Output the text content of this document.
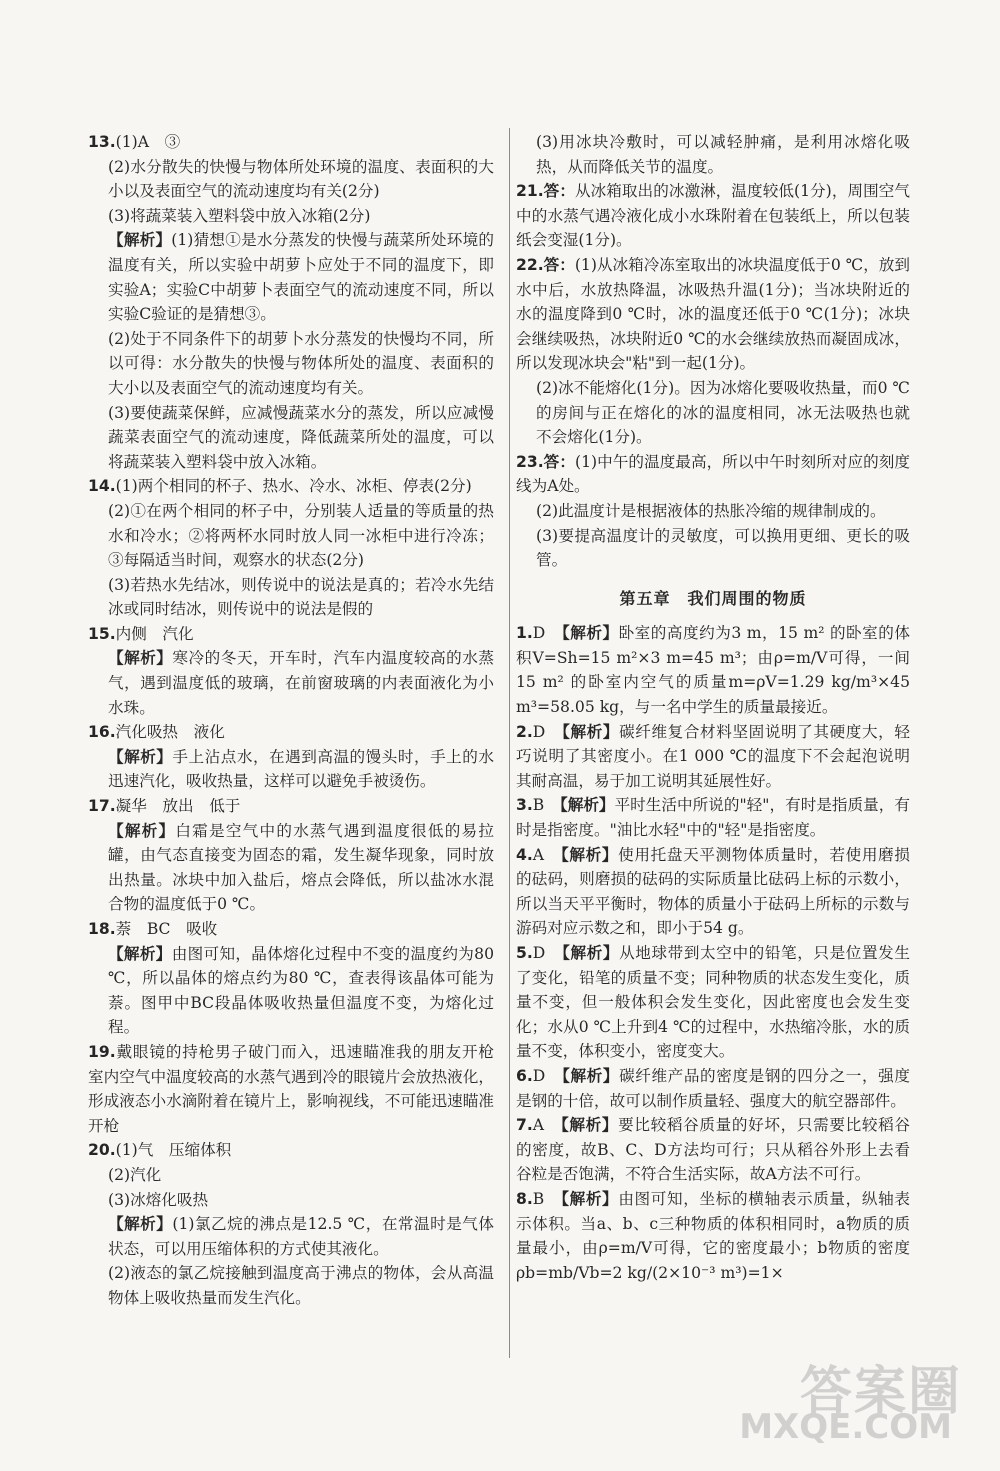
13.(1)A　③

(2)水分散失的快慢与物体所处环境的温度、表面积的大小以及表面空气的流动速度均有关(2分)

(3)将蔬菜装入塑料袋中放入冰箱(2分)

【解析】(1)猜想①是水分蒸发的快慢与蔬菜所处环境的温度有关，所以实验中胡萝卜应处于不同的温度下，即实验A；实验C中胡萝卜表面空气的流动速度不同，所以实验C验证的是猜想③。

(2)处于不同条件下的胡萝卜水分蒸发的快慢均不同，所以可得：水分散失的快慢与物体所处的温度、表面积的大小以及表面空气的流动速度均有关。

(3)要使蔬菜保鲜，应减慢蔬菜水分的蒸发，所以应减慢蔬菜表面空气的流动速度，降低蔬菜所处的温度，可以将蔬菜装入塑料袋中放入冰箱。

14.(1)两个相同的杯子、热水、冷水、冰柜、停表(2分)

(2)①在两个相同的杯子中，分别装人适量的等质量的热水和冷水；②将两杯水同时放人同一冰柜中进行冷冻；③每隔适当时间，观察水的状态(2分)

(3)若热水先结冰，则传说中的说法是真的；若冷水先结冰或同时结冰，则传说中的说法是假的

15.内侧　汽化

【解析】寒冷的冬天，开车时，汽车内温度较高的水蒸气，遇到温度低的玻璃，在前窗玻璃的内表面液化为小水珠。

16.汽化吸热　液化

【解析】手上沾点水，在遇到高温的馒头时，手上的水迅速汽化，吸收热量，这样可以避免手被烫伤。

17.凝华　放出　低于

【解析】白霜是空气中的水蒸气遇到温度很低的易拉罐，由气态直接变为固态的霜，发生凝华现象，同时放出热量。冰块中加入盐后，熔点会降低，所以盐冰水混合物的温度低于0 ℃。

18.萘　BC　吸收

【解析】由图可知，晶体熔化过程中不变的温度约为80 ℃，所以晶体的熔点约为80 ℃，查表得该晶体可能为萘。图甲中BC段晶体吸收热量但温度不变，为熔化过程。

19.戴眼镜的持枪男子破门而入，迅速瞄准我的朋友开枪　室内空气中温度较高的水蒸气遇到冷的眼镜片会放热液化，形成液态小水滴附着在镜片上，影响视线，不可能迅速瞄准开枪

20.(1)气　压缩体积

(2)汽化

(3)冰熔化吸热

【解析】(1)氯乙烷的沸点是12.5 ℃，在常温时是气体状态，可以用压缩体积的方式使其液化。

(2)液态的氯乙烷接触到温度高于沸点的物体，会从高温物体上吸收热量而发生汽化。

(3)用冰块冷敷时，可以减轻肿痛，是利用冰熔化吸热，从而降低关节的温度。

21.答：从冰箱取出的冰激淋，温度较低(1分)，周围空气中的水蒸气遇冷液化成小水珠附着在包装纸上，所以包装纸会变湿(1分)。

22.答：(1)从冰箱冷冻室取出的冰块温度低于0 ℃，放到水中后，水放热降温，冰吸热升温(1分)；当冰块附近的水的温度降到0 ℃时，冰的温度还低于0 ℃(1分)；冰块会继续吸热，冰块附近0 ℃的水会继续放热而凝固成冰，所以发现冰块会"粘"到一起(1分)。

(2)冰不能熔化(1分)。因为冰熔化要吸收热量，而0 ℃的房间与正在熔化的冰的温度相同，冰无法吸热也就不会熔化(1分)。

23.答：(1)中午的温度最高，所以中午时刻所对应的刻度线为A处。

(2)此温度计是根据液体的热胀冷缩的规律制成的。

(3)要提高温度计的灵敏度，可以换用更细、更长的吸管。

第五章　我们周围的物质

1.D　 【解析】卧室的高度约为3 m，15 m² 的卧室的体积V=Sh=15 m²×3 m=45 m³；由ρ=m/V可得，一间15 m² 的卧室内空气的质量m=ρV=1.29 kg/m³×45 m³=58.05 kg，与一名中学生的质量最接近。

2.D　 【解析】碳纤维复合材料坚固说明了其硬度大，轻巧说明了其密度小。在1 000 ℃的温度下不会起泡说明其耐高温，易于加工说明其延展性好。

3.B　 【解析】平时生活中所说的"轻"，有时是指质量，有时是指密度。"油比水轻"中的"轻"是指密度。

4.A　 【解析】使用托盘天平测物体质量时，若使用磨损的砝码，则磨损的砝码的实际质量比砝码上标的示数小，所以当天平平衡时，物体的质量小于砝码上所标的示数与游码对应示数之和，即小于54 g。

5.D　 【解析】从地球带到太空中的铅笔，只是位置发生了变化，铅笔的质量不变；同种物质的状态发生变化，质量不变，但一般体积会发生变化，因此密度也会发生变化；水从0 ℃上升到4 ℃的过程中，水热缩冷胀，水的质量不变，体积变小，密度变大。

6.D　 【解析】碳纤维产品的密度是钢的四分之一，强度是钢的十倍，故可以制作质量轻、强度大的航空器部件。

7.A　 【解析】要比较稻谷质量的好坏，只需要比较稻谷的密度，故B、C、D方法均可行；只从稻谷外形上去看谷粒是否饱满，不符合生活实际，故A方法不可行。

8.B　 【解析】由图可知，坐标的横轴表示质量，纵轴表示体积。当a、b、c三种物质的体积相同时，a物质的质量最小，由ρ=m/V可得，它的密度最小；b物质的密度ρb=mb/Vb=2 kg/(2×10⁻³ m³)=1×

答案圈
MXQE.COM
